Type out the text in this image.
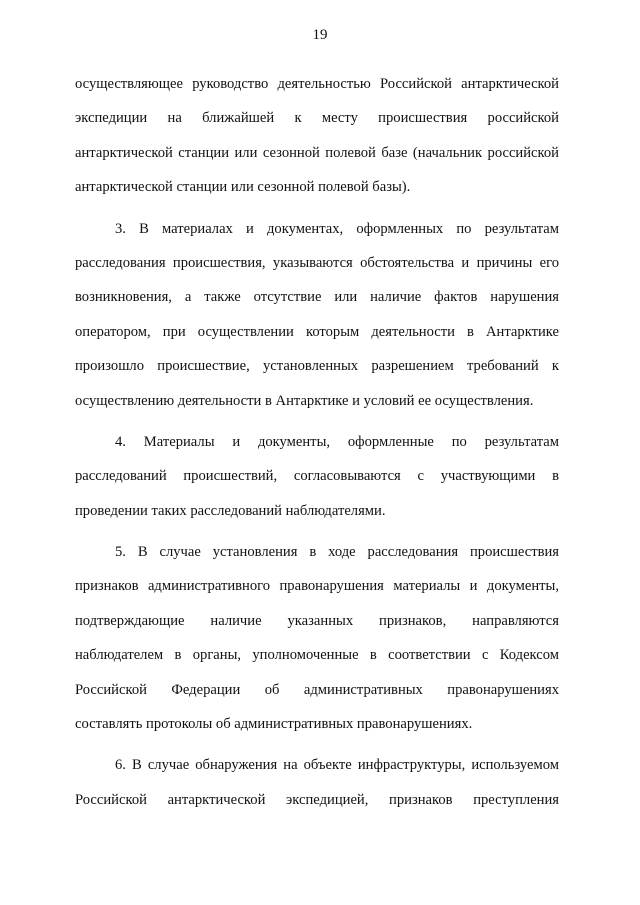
19
осуществляющее руководство деятельностью Российской антарктической
экспедиции на ближайшей к месту происшествия российской
антарктической станции или сезонной полевой базе (начальник российской
антарктической станции или сезонной полевой базы).
3. В материалах и документах, оформленных по результатам
расследования происшествия, указываются обстоятельства и причины его
возникновения, а также отсутствие или наличие фактов нарушения
оператором, при осуществлении которым деятельности в Антарктике
произошло происшествие, установленных разрешением требований к
осуществлению деятельности в Антарктике и условий ее осуществления.
4. Материалы и документы, оформленные по результатам
расследований происшествий, согласовываются с участвующими в
проведении таких расследований наблюдателями.
5. В случае установления в ходе расследования происшествия
признаков административного правонарушения материалы и документы,
подтверждающие наличие указанных признаков, направляются
наблюдателем в органы, уполномоченные в соответствии с Кодексом
Российской Федерации об административных правонарушениях
составлять протоколы об административных правонарушениях.
6. В случае обнаружения на объекте инфраструктуры, используемом
Российской антарктической экспедицией, признаков преступления
